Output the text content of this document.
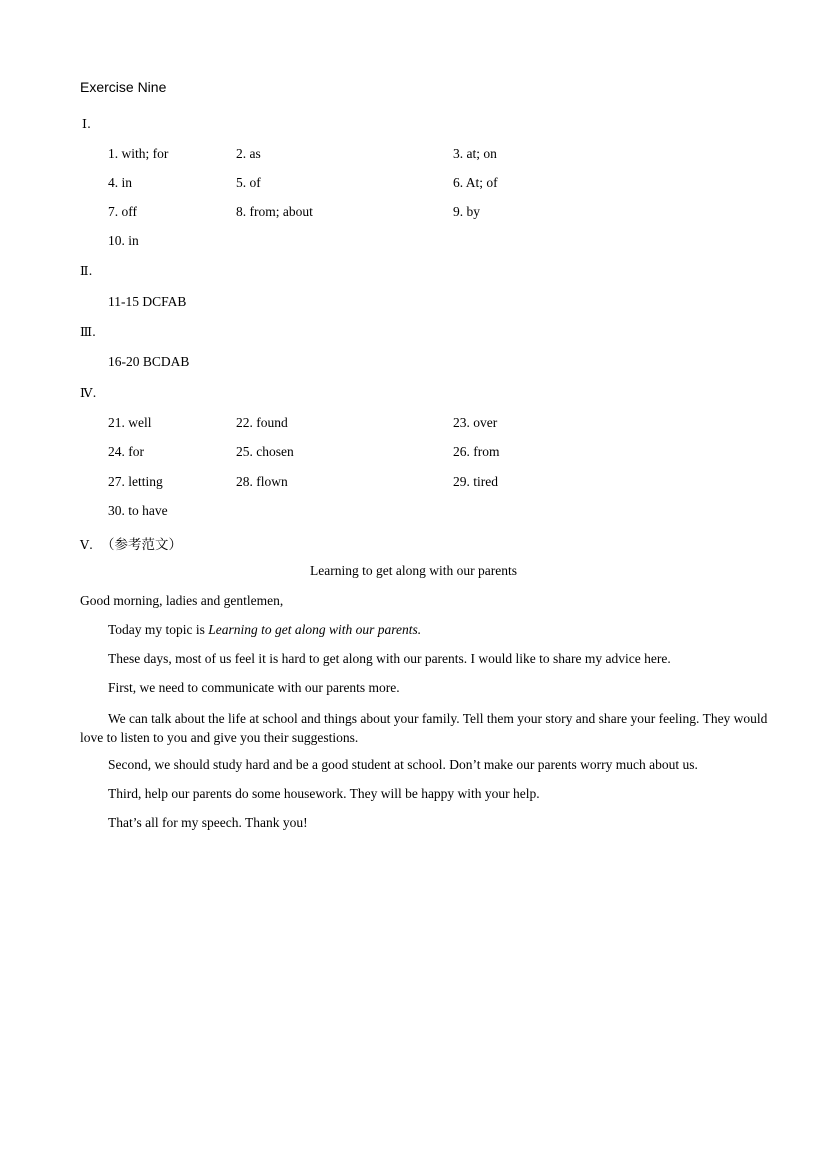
Exercise Nine
Ⅰ.
1. with; for	2. as	3. at; on
4. in	5. of	6. At; of
7. off	8. from; about	9. by
10. in
Ⅱ.
11-15 DCFAB
Ⅲ.
16-20 BCDAB
Ⅳ.
21. well	22. found	23. over
24. for	25. chosen	26. from
27. letting	28. flown	29. tired
30. to have
Ⅴ. （参考范文）
Learning to get along with our parents
Good morning, ladies and gentlemen,
Today my topic is Learning to get along with our parents.
These days, most of us feel it is hard to get along with our parents. I would like to share my advice here.
First, we need to communicate with our parents more.
We can talk about the life at school and things about your family. Tell them your story and share your feeling. They would love to listen to you and give you their suggestions.
Second, we should study hard and be a good student at school. Don’t make our parents worry much about us.
Third, help our parents do some housework. They will be happy with your help.
That’s all for my speech. Thank you!
